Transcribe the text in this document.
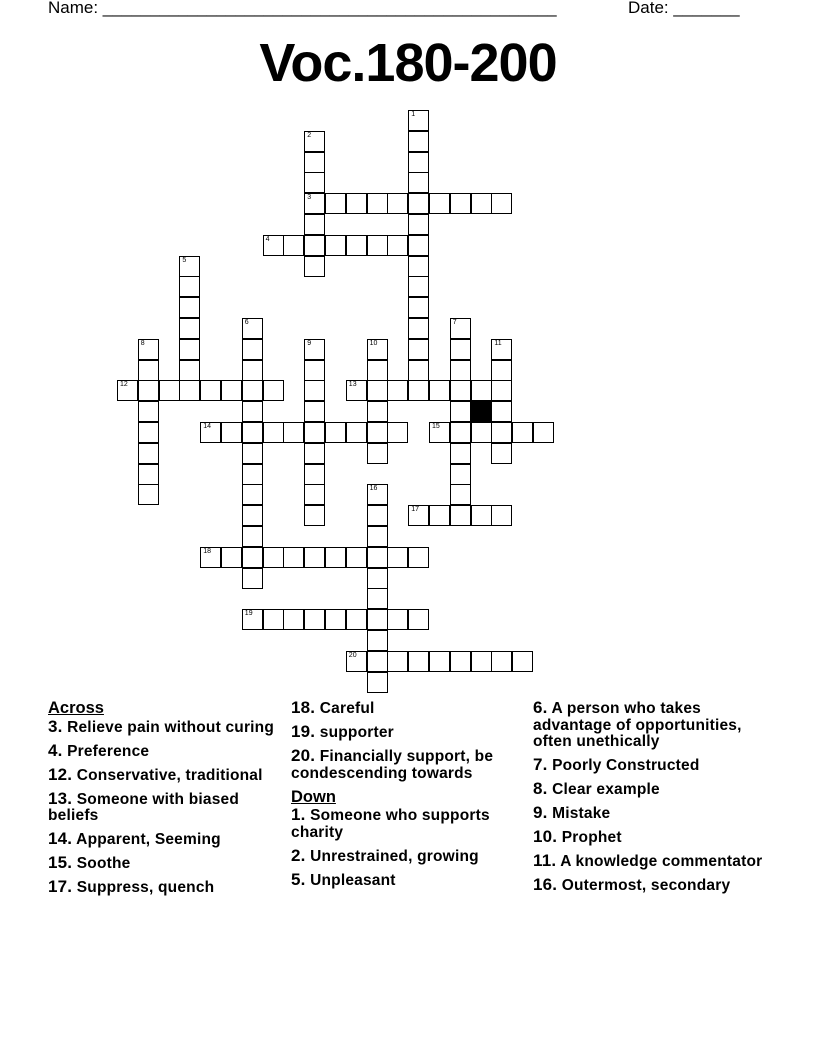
Name: ________________________________________________	Date: _______
Voc.180-200
1
2
3
4
5
6	7
8	9	10	11
12	13
14	15
16
17
18
19
20
Across
3. Relieve pain without curing
4. Preference
12. Conservative, traditional
13. Someone with biased beliefs
14. Apparent, Seeming
15. Soothe
17. Suppress, quench
18. Careful
19. supporter
20. Financially support, be condescending towards
Down
1. Someone who supports charity
2. Unrestrained, growing
5. Unpleasant
6. A person who takes advantage of opportunities, often unethically
7. Poorly Constructed
8. Clear example
9. Mistake
10. Prophet
11. A knowledge commentator
16. Outermost, secondary
